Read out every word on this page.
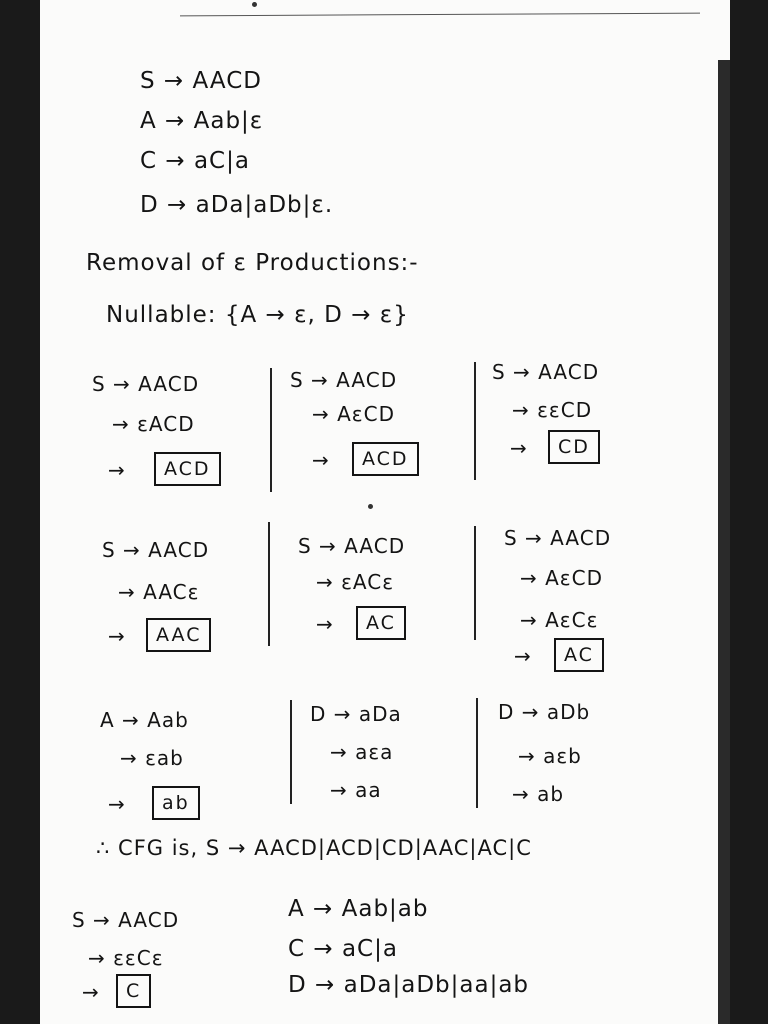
S → AACD
A → Aab|ε
C → aC|a
D → aDa|aDb|ε.
Removal of ε Productions:-
Nullable: {A → ε, D → ε}
S → AACD
→ εACD
→	ACD
S → AACD
→ AεCD
→	ACD
S → AACD
→ εεCD
→	CD
S → AACD
→ AACε
→	AAC
S → AACD
→ εACε
→	AC
S → AACD
→ AεCD
→ AεCε
→	AC
A → Aab
→ εab
→	ab
D → aDa
→ aεa
→ aa
D → aDb
→ aεb
→ ab
∴ CFG is, S → AACD|ACD|CD|AAC|AC|C
S → AACD
→ εεCε
→	C
A → Aab|ab
C → aC|a
D → aDa|aDb|aa|ab
